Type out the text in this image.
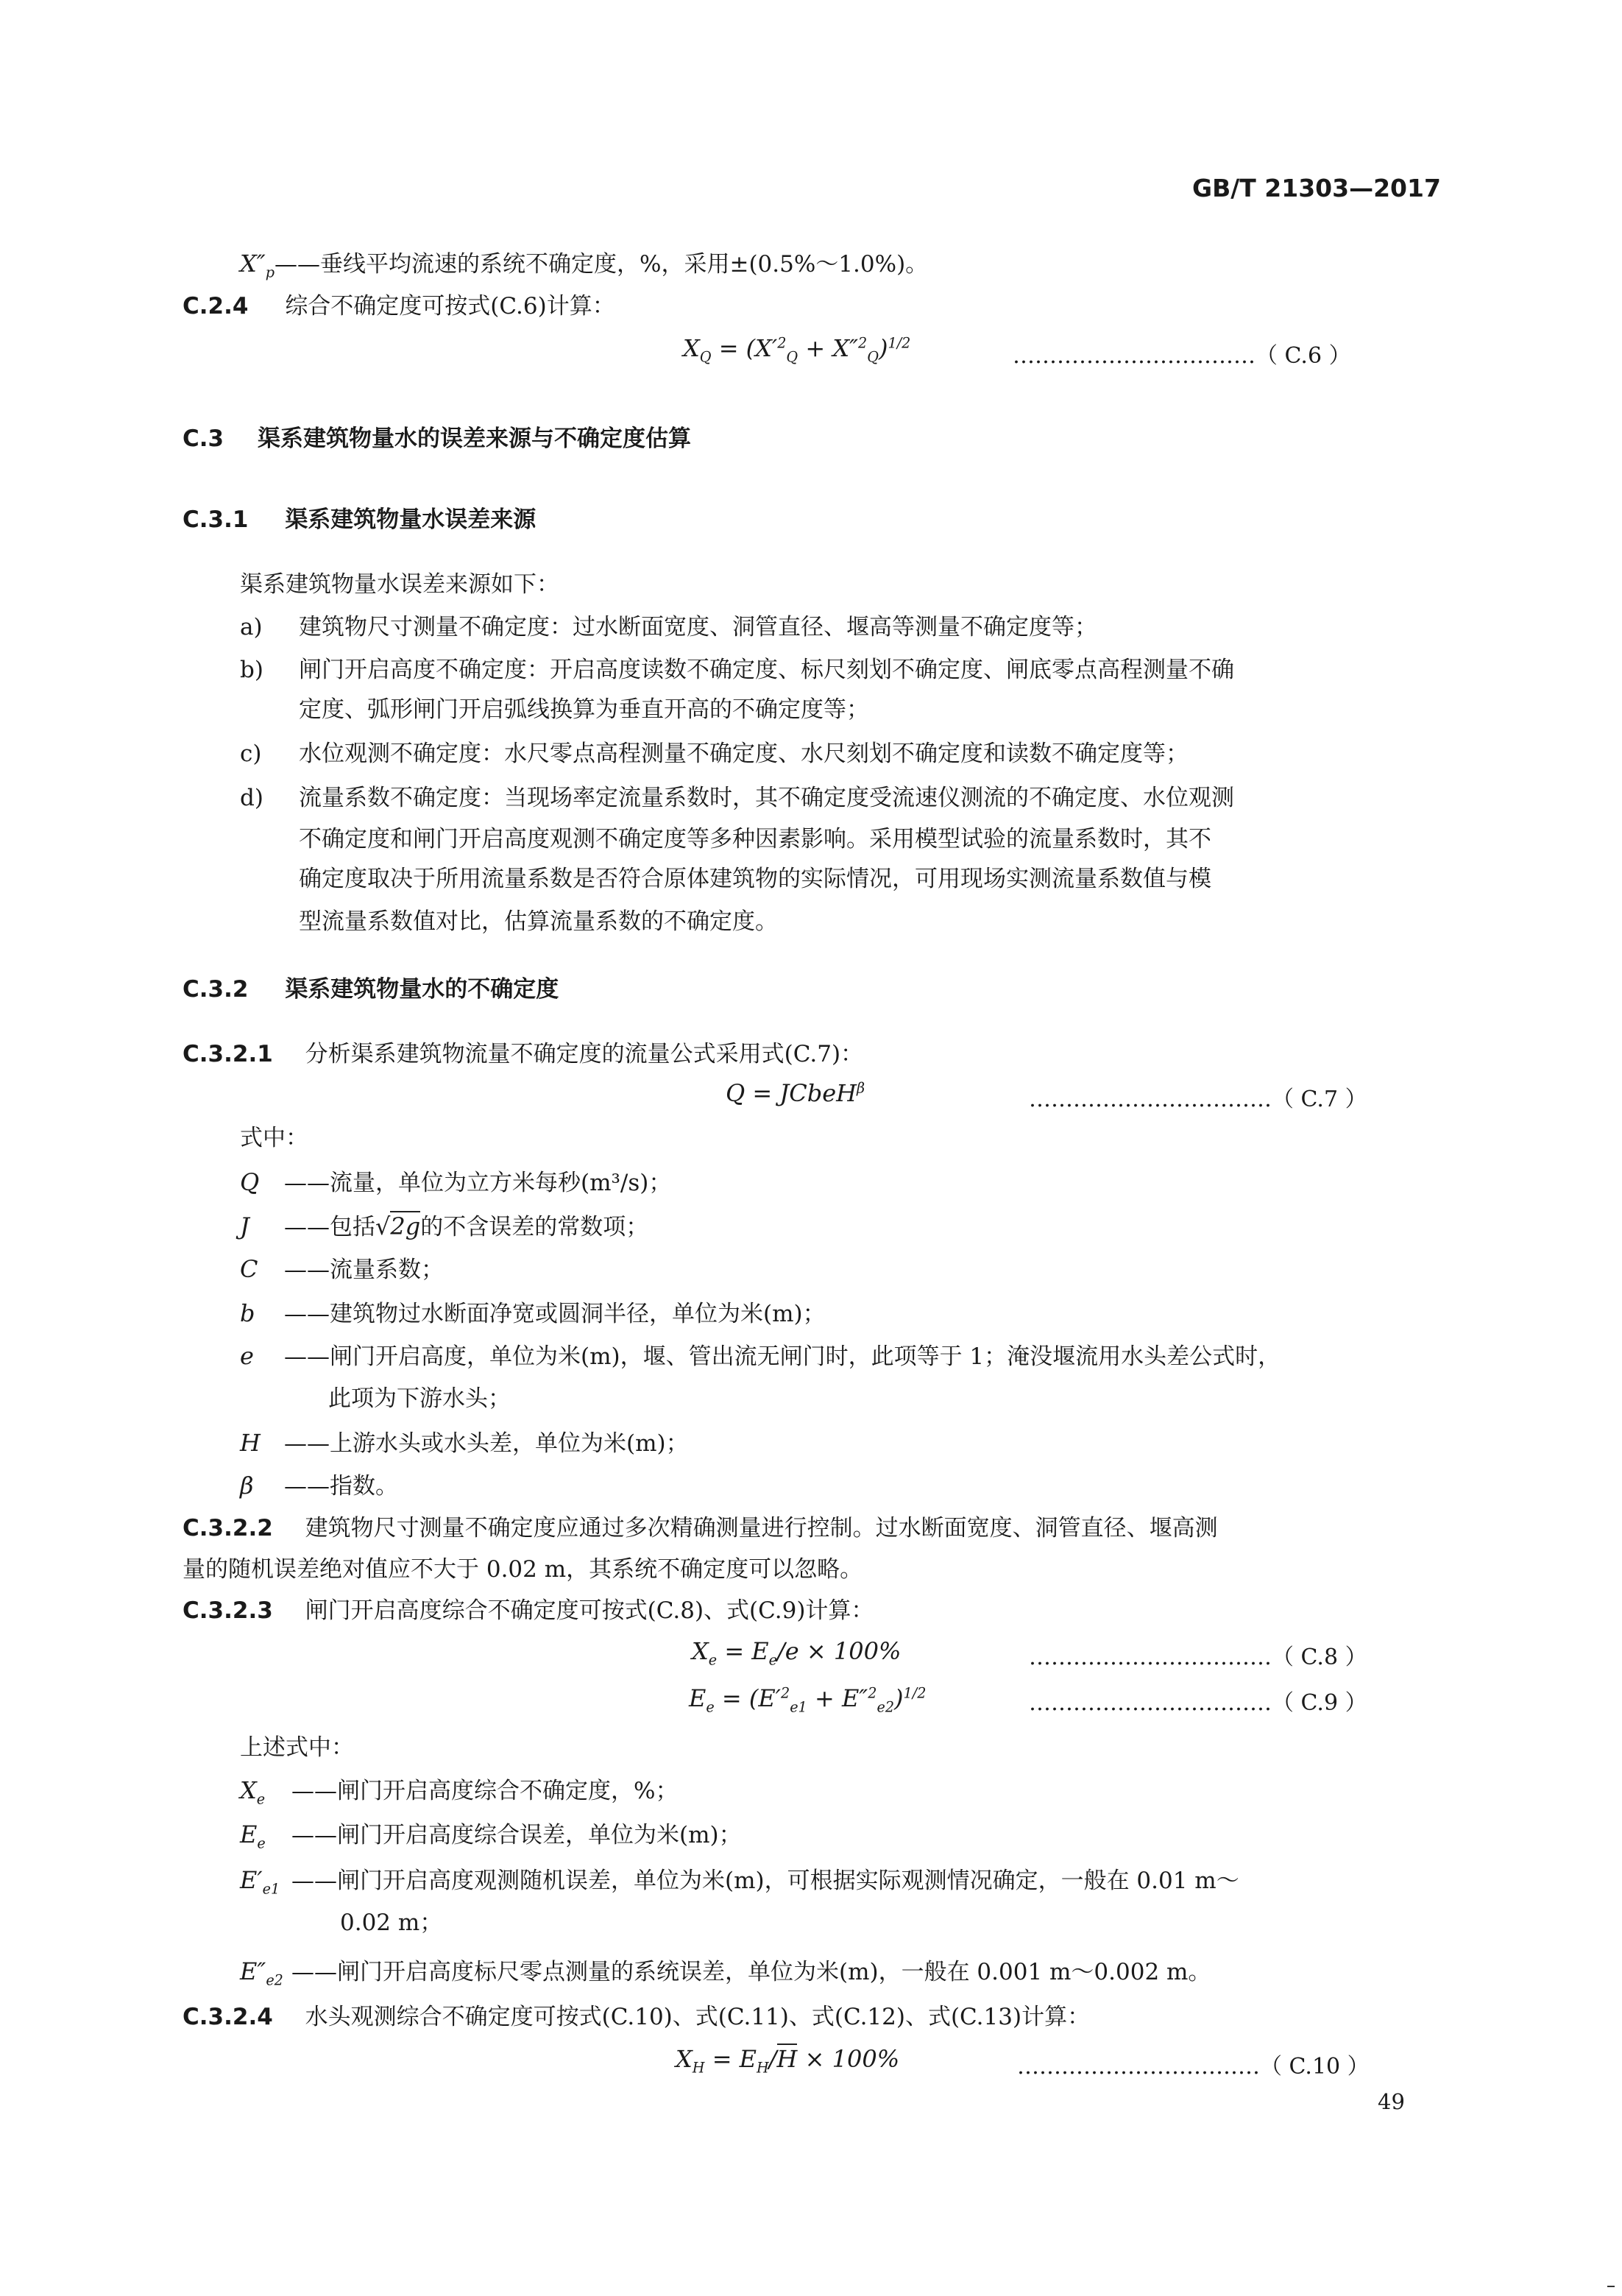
GB/T 21303—2017
$X''_p——$垂线平均流速的系统不确定度，%，采用±(0.5%～1.0%)。
C.2.4 综合不确定度可按式(C.6)计算：
$X_Q = (X'^2_Q + X''^2_Q)^{1/2}$
……………………………（ C.6 ）
C.3 渠系建筑物量水的误差来源与不确定度估算
C.3.1 渠系建筑物量水误差来源
渠系建筑物量水误差来源如下：
a) 建筑物尺寸测量不确定度：过水断面宽度、洞管直径、堰高等测量不确定度等；
b) 闸门开启高度不确定度：开启高度读数不确定度、标尺刻划不确定度、闸底零点高程测量不确
定度、弧形闸门开启弧线换算为垂直开高的不确定度等；
c) 水位观测不确定度：水尺零点高程测量不确定度、水尺刻划不确定度和读数不确定度等；
d) 流量系数不确定度：当现场率定流量系数时，其不确定度受流速仪测流的不确定度、水位观测
不确定度和闸门开启高度观测不确定度等多种因素影响。采用模型试验的流量系数时，其不
确定度取决于所用流量系数是否符合原体建筑物的实际情况，可用现场实测流量系数值与模
型流量系数值对比，估算流量系数的不确定度。
C.3.2 渠系建筑物量水的不确定度
C.3.2.1 分析渠系建筑物流量不确定度的流量公式采用式(C.7)：
Q = JCbeH$^\beta$	……………………………（ C.7 ）
式中：
Q ——流量，单位为立方米每秒(m³/s)；
J ——包括√2g的不含误差的常数项；
C ——流量系数；
b ——建筑物过水断面净宽或圆洞半径，单位为米(m)；
e ——闸门开启高度，单位为米(m)，堰、管出流无闸门时，此项等于 1；淹没堰流用水头差公式时，
此项为下游水头；
H ——上游水头或水头差，单位为米(m)；
β ——指数。
C.3.2.2 建筑物尺寸测量不确定度应通过多次精确测量进行控制。过水断面宽度、洞管直径、堰高测
量的随机误差绝对值应不大于 0.02 m，其系统不确定度可以忽略。
C.3.2.3 闸门开启高度综合不确定度可按式(C.8)、式(C.9)计算：
$X_e = E_e/e \times 100\%$	……………………………（ C.8 ）
$E_e = (E'^2_{e1} + E''^2_{e2})^{1/2}$	……………………………（ C.9 ）
上述式中：
$X_e$ ——闸门开启高度综合不确定度，%；
$E_e$ ——闸门开启高度综合误差，单位为米(m)；
$E'_{e1}$ ——闸门开启高度观测随机误差，单位为米(m)，可根据实际观测情况确定，一般在 0.01 m～
0.02 m；
$E''_{e2}$ ——闸门开启高度标尺零点测量的系统误差，单位为米(m)，一般在 0.001 m～0.002 m。
C.3.2.4 水头观测综合不确定度可按式(C.10)、式(C.11)、式(C.12)、式(C.13)计算：
$X_H = E_H/H \times 100\%$	……………………………（ C.10 ）
49
